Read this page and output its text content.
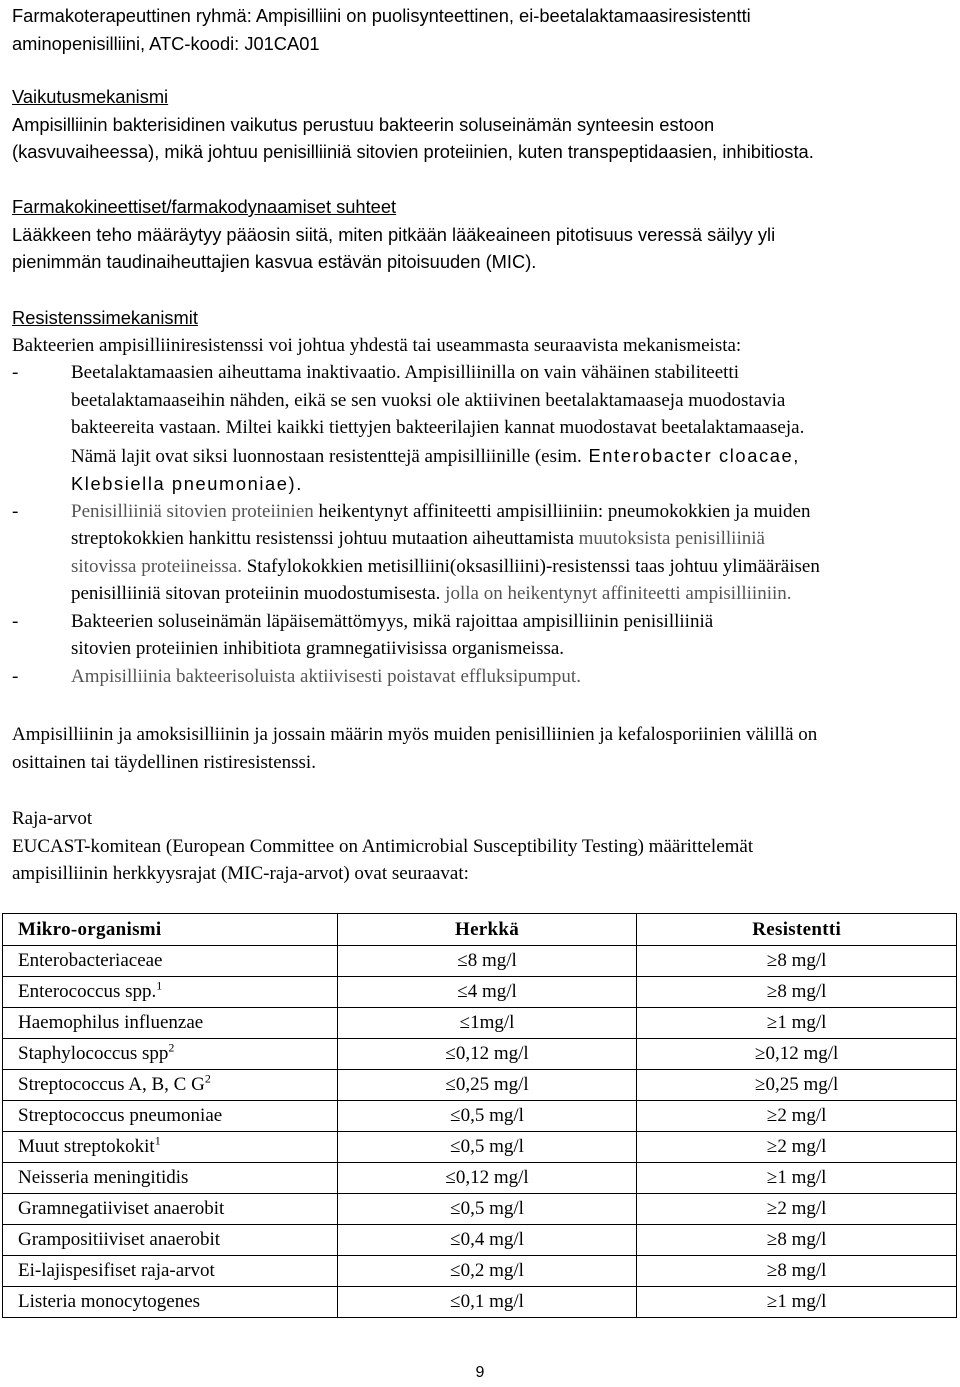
Farmakoterapeuttinen ryhmä: Ampisilliini on puolisynteettinen, ei-beetalaktamaasiresistentti

aminopenisilliini, ATC-koodi: J01CA01

Vaikutusmekanismi

Ampisilliinin bakterisidinen vaikutus perustuu bakteerin soluseinämän synteesin estoon

(kasvuvaiheessa), mikä johtuu penisilliiniä sitovien proteiinien, kuten transpeptidaasien, inhibitiosta.

Farmakokineettiset/farmakodynaamiset suhteet

Lääkkeen teho määräytyy pääosin siitä, miten pitkään lääkeaineen pitotisuus veressä säilyy yli

pienimmän taudinaiheuttajien kasvua estävän pitoisuuden (MIC).

Resistenssimekanismit

Bakteerien ampisilliiniresistenssi voi johtua yhdestä tai useammasta seuraavista mekanismeista:

-	Beetalaktamaasien aiheuttama inaktivaatio. Ampisilliinilla on vain vähäinen stabiliteetti

beetalaktamaaseihin nähden, eikä se sen vuoksi ole aktiivinen beetalaktamaaseja muodostavia

bakteereita vastaan. Miltei kaikki tiettyjen bakteerilajien kannat muodostavat beetalaktamaaseja.

Nämä lajit ovat siksi luonnostaan resistenttejä ampisilliinille (esim. Enterobacter cloacae,

Klebsiella pneumoniae).

-	Penisilliiniä sitovien proteiinien heikentynyt affiniteetti ampisilliiniin: pneumokokkien ja muiden

streptokokkien hankittu resistenssi johtuu mutaation aiheuttamista muutoksista penisilliiniä

sitovissa proteiineissa. Stafylokokkien metisilliini(oksasilliini)-resistenssi taas johtuu ylimääräisen

penisilliiniä sitovan proteiinin muodostumisesta. jolla on heikentynyt affiniteetti ampisilliiniin.

-	Bakteerien soluseinämän läpäisemättömyys, mikä rajoittaa ampisilliinin penisilliiniä

sitovien proteiinien inhibitiota gramnegatiivisissa organismeissa.

-	Ampisilliinia bakteerisoluista aktiivisesti poistavat effluksipumput.

Ampisilliinin ja amoksisilliinin ja jossain määrin myös muiden penisilliinien ja kefalosporiinien välillä on

osittainen tai täydellinen ristiresistenssi.

Raja-arvot

EUCAST-komitean (European Committee on Antimicrobial Susceptibility Testing) määrittelemät

ampisilliinin herkkyysrajat (MIC-raja-arvot) ovat seuraavat:

Mikro-organismi	Herkkä	Resistentti
Enterobacteriaceae	≤8 mg/l	≥8 mg/l
Enterococcus spp.$^1$	≤4 mg/l	≥8 mg/l
Haemophilus influenzae	≤1mg/l	≥1 mg/l
Staphylococcus spp$^2$	≤0,12 mg/l	≥0,12 mg/l
Streptococcus A, B, C $G^2$	≤0,25 mg/l	≥0,25 mg/l
Streptococcus pneumoniae	≤0,5 mg/l	≥2 mg/l
Muut streptokokit$^1$	≤0,5 mg/l	≥2 mg/l
Neisseria meningitidis	≤0,12 mg/l	≥1 mg/l
Gramnegatiiviset anaerobit	≤0,5 mg/l	≥2 mg/l
Grampositiiviset anaerobit	≤0,4 mg/l	≥8 mg/l
Ei-lajispesifiset raja-arvot	≤0,2 mg/l	≥8 mg/l
Listeria monocytogenes	≤0,1 mg/l	≥1 mg/l
9
